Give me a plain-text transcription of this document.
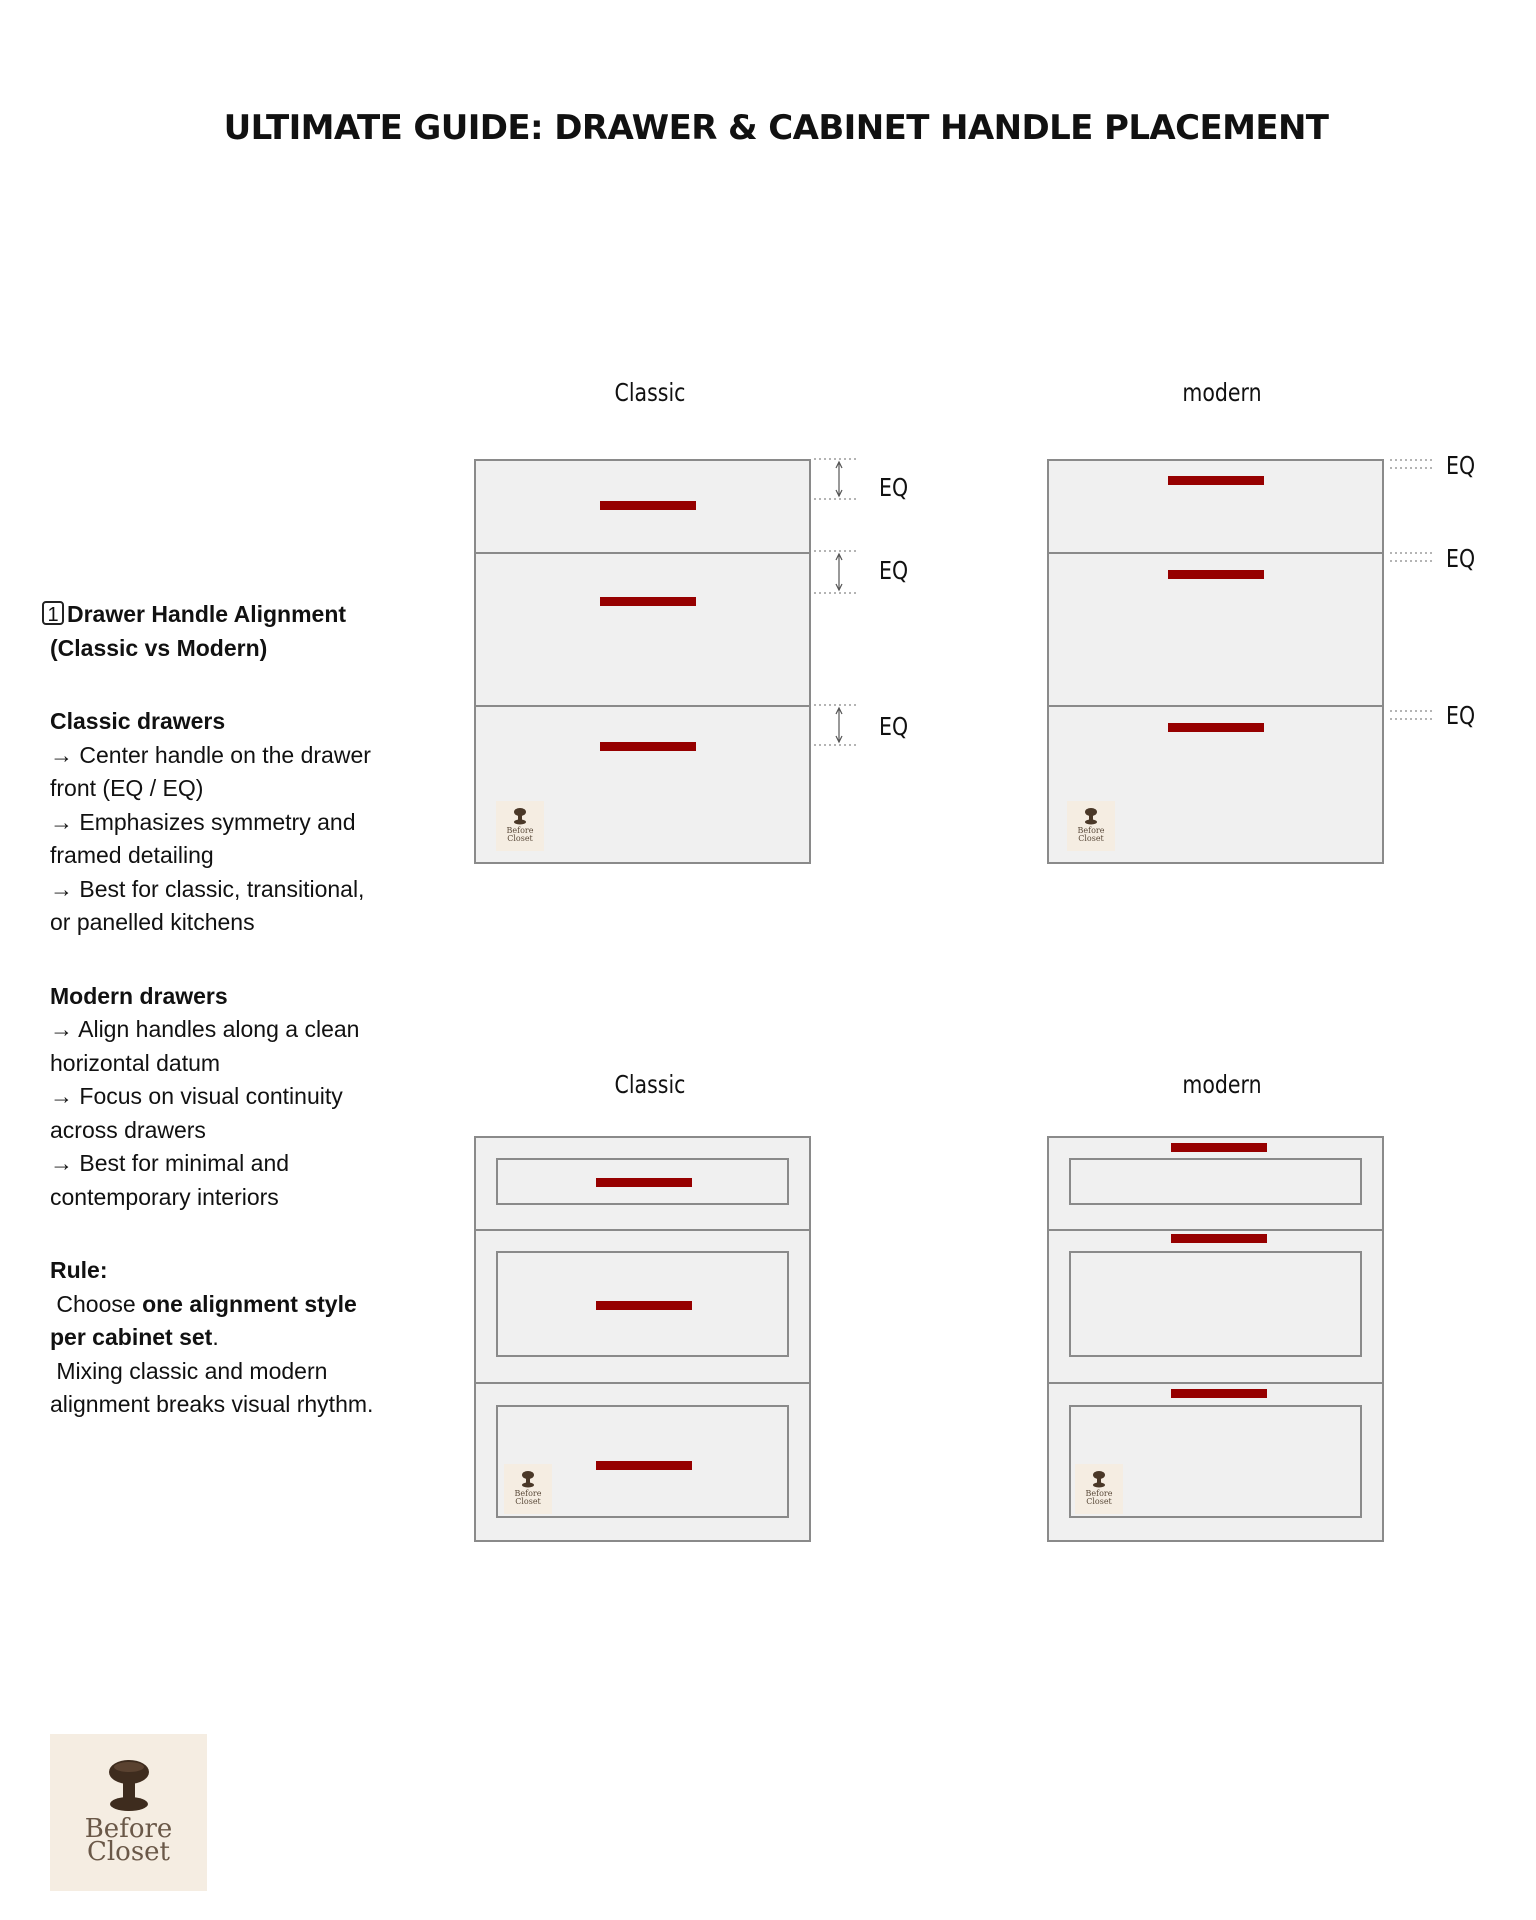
ULTIMATE GUIDE: DRAWER & CABINET HANDLE PLACEMENT
Classic	modern
Classic	modern
Before
Closet
EQ
EQ
EQ
Before
Closet
EQ
EQ
EQ
Before
Closet
Before
Closet
1 Drawer Handle Alignment

(Classic vs Modern)

Classic drawers

→ Center handle on the drawer

front (EQ / EQ)

→ Emphasizes symmetry and

framed detailing

→ Best for classic, transitional,

or panelled kitchens

Modern drawers

→ Align handles along a clean

horizontal datum

→ Focus on visual continuity

across drawers

→ Best for minimal and

contemporary interiors

Rule:

Choose one alignment style

per cabinet set.

Mixing classic and modern

alignment breaks visual rhythm.

Before
Closet
